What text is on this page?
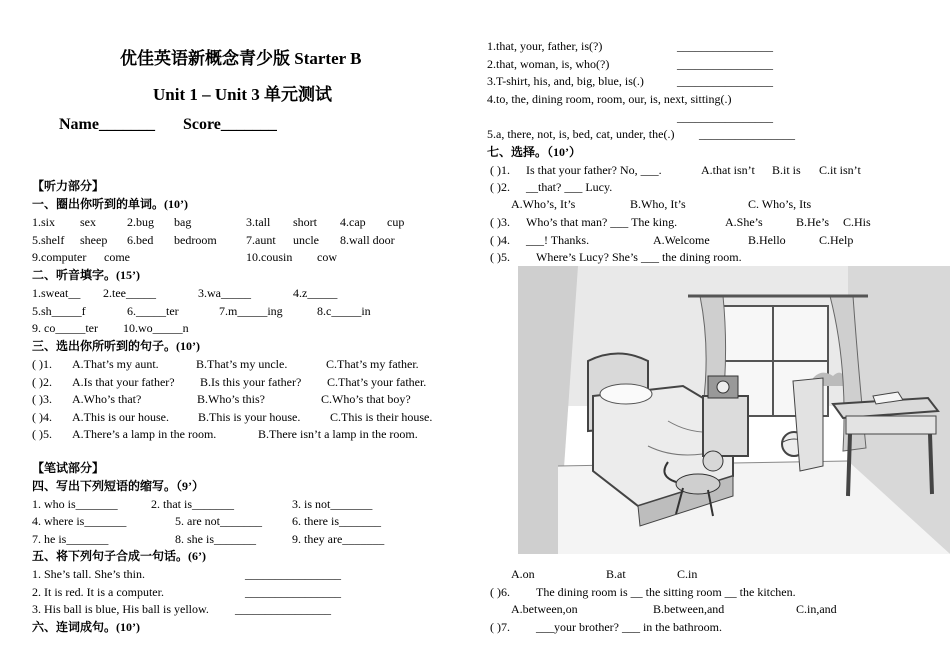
优佳英语新概念青少版 Starter B
Unit 1 – Unit 3 单元测试
Name_______ Score_______
【听力部分】
一、圈出你听到的单词。(10’)
1.six sex	2.bug bag	3.tall short 4.cap cup
5.shelf sheep 6.bed bedroom 7.aunt uncle 8.wall door
9.computer come	10.cousin cow
二、听音填字。(15’)
1.sweat__ 2.tee_____	3.wa_____	4.z_____
5.sh_____f	6._____ter	7.m_____ing	8.c_____in
9. co_____ter 10.wo_____n
三、选出你所听到的句子。(10’)
( )1. A.That’s my aunt.	B.That’s my uncle.	C.That’s my father.
( )2. A.Is that your father? B.Is this your father? C.That’s your father.
( )3. A.Who’s that?	B.Who’s this?	C.Who’s that boy?
( )4. A.This is our house. B.This is your house. C.This is their house.
( )5. A.There’s a lamp in the room.	B.There isn’t a lamp in the room.
【笔试部分】
四、写出下列短语的缩写。（9’）
1. who is_______	2. that is_______	3. is not_______
4. where is_______	5. are not_______	6. there is_______
7. he is_______	8. she is_______	9. they are_______
五、将下列句子合成一句话。(6’)
1. She’s tall. She’s thin.	________________
2. It is red. It is a computer.	________________
3. His ball is blue, His ball is yellow. ________________
六、连词成句。(10’)
1.that, your, father, is(?)	________________
2.that, woman, is, who(?)	________________
3.T-shirt, his, and, big, blue, is(.)	________________
4.to, the, dining room, room, our, is, next, sitting(.)
________________
5.a, there, not, is, bed, cat, under, the(.) ________________
七、选择。（10’）
( )1. Is that your father? No, ___.	A.that isn’t B.it is C.it isn’t
( )2. __that? ___ Lucy.
A.Who’s, It’s	B.Who, It’s	C. Who’s, Its
( )3. Who’s that man? ___ The king.	A.She’s	B.He’s C.His
( )4. ___! Thanks.	A.Welcome	B.Hello	C.Help
( )5. Where’s Lucy? She’s ___ the dining room.
A.on	B.at	C.in
( )6. The dining room is __ the sitting room __ the kitchen.
A.between,on	B.between,and	C.in,and
( )7. ___your brother? ___ in the bathroom.
